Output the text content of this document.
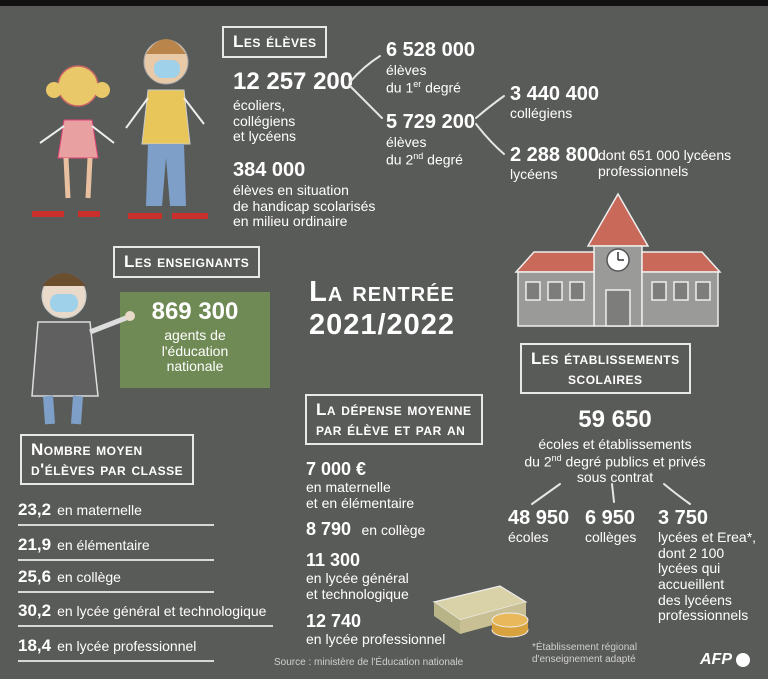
Les élèves
12 257 200
écoliers,
collégiens
et lycéens
6 528 000
élèves
du 1er degré
5 729 200
élèves
du 2nd degré
3 440 400
collégiens
2 288 800
lycéens
dont 651 000 lycéens
professionnels
384 000
élèves en situation
de handicap scolarisés
en milieu ordinaire
Les enseignants
869 300
agents de
l'éducation
nationale
La rentrée
2021/2022
Les établissements
scolaires
59 650
écoles et établissements
du 2nd degré publics et privés
sous contrat
48 950
écoles
6 950
collèges
3 750
lycées et Erea*,
dont 2 100
lycées qui
accueillent
des lycéens
professionnels
*Établissement régional
d'enseignement adapté
La dépense moyenne
par élève et par an
7 000 €
en maternelle
et en élémentaire
8 790 en collège
11 300
en lycée général
et technologique
12 740
en lycée professionnel
Nombre moyen
d'élèves par classe
23,2 en maternelle
21,9 en élémentaire
25,6 en collège
30,2 en lycée général et technologique
18,4 en lycée professionnel
Source : ministère de l'Éducation nationale	AFP
